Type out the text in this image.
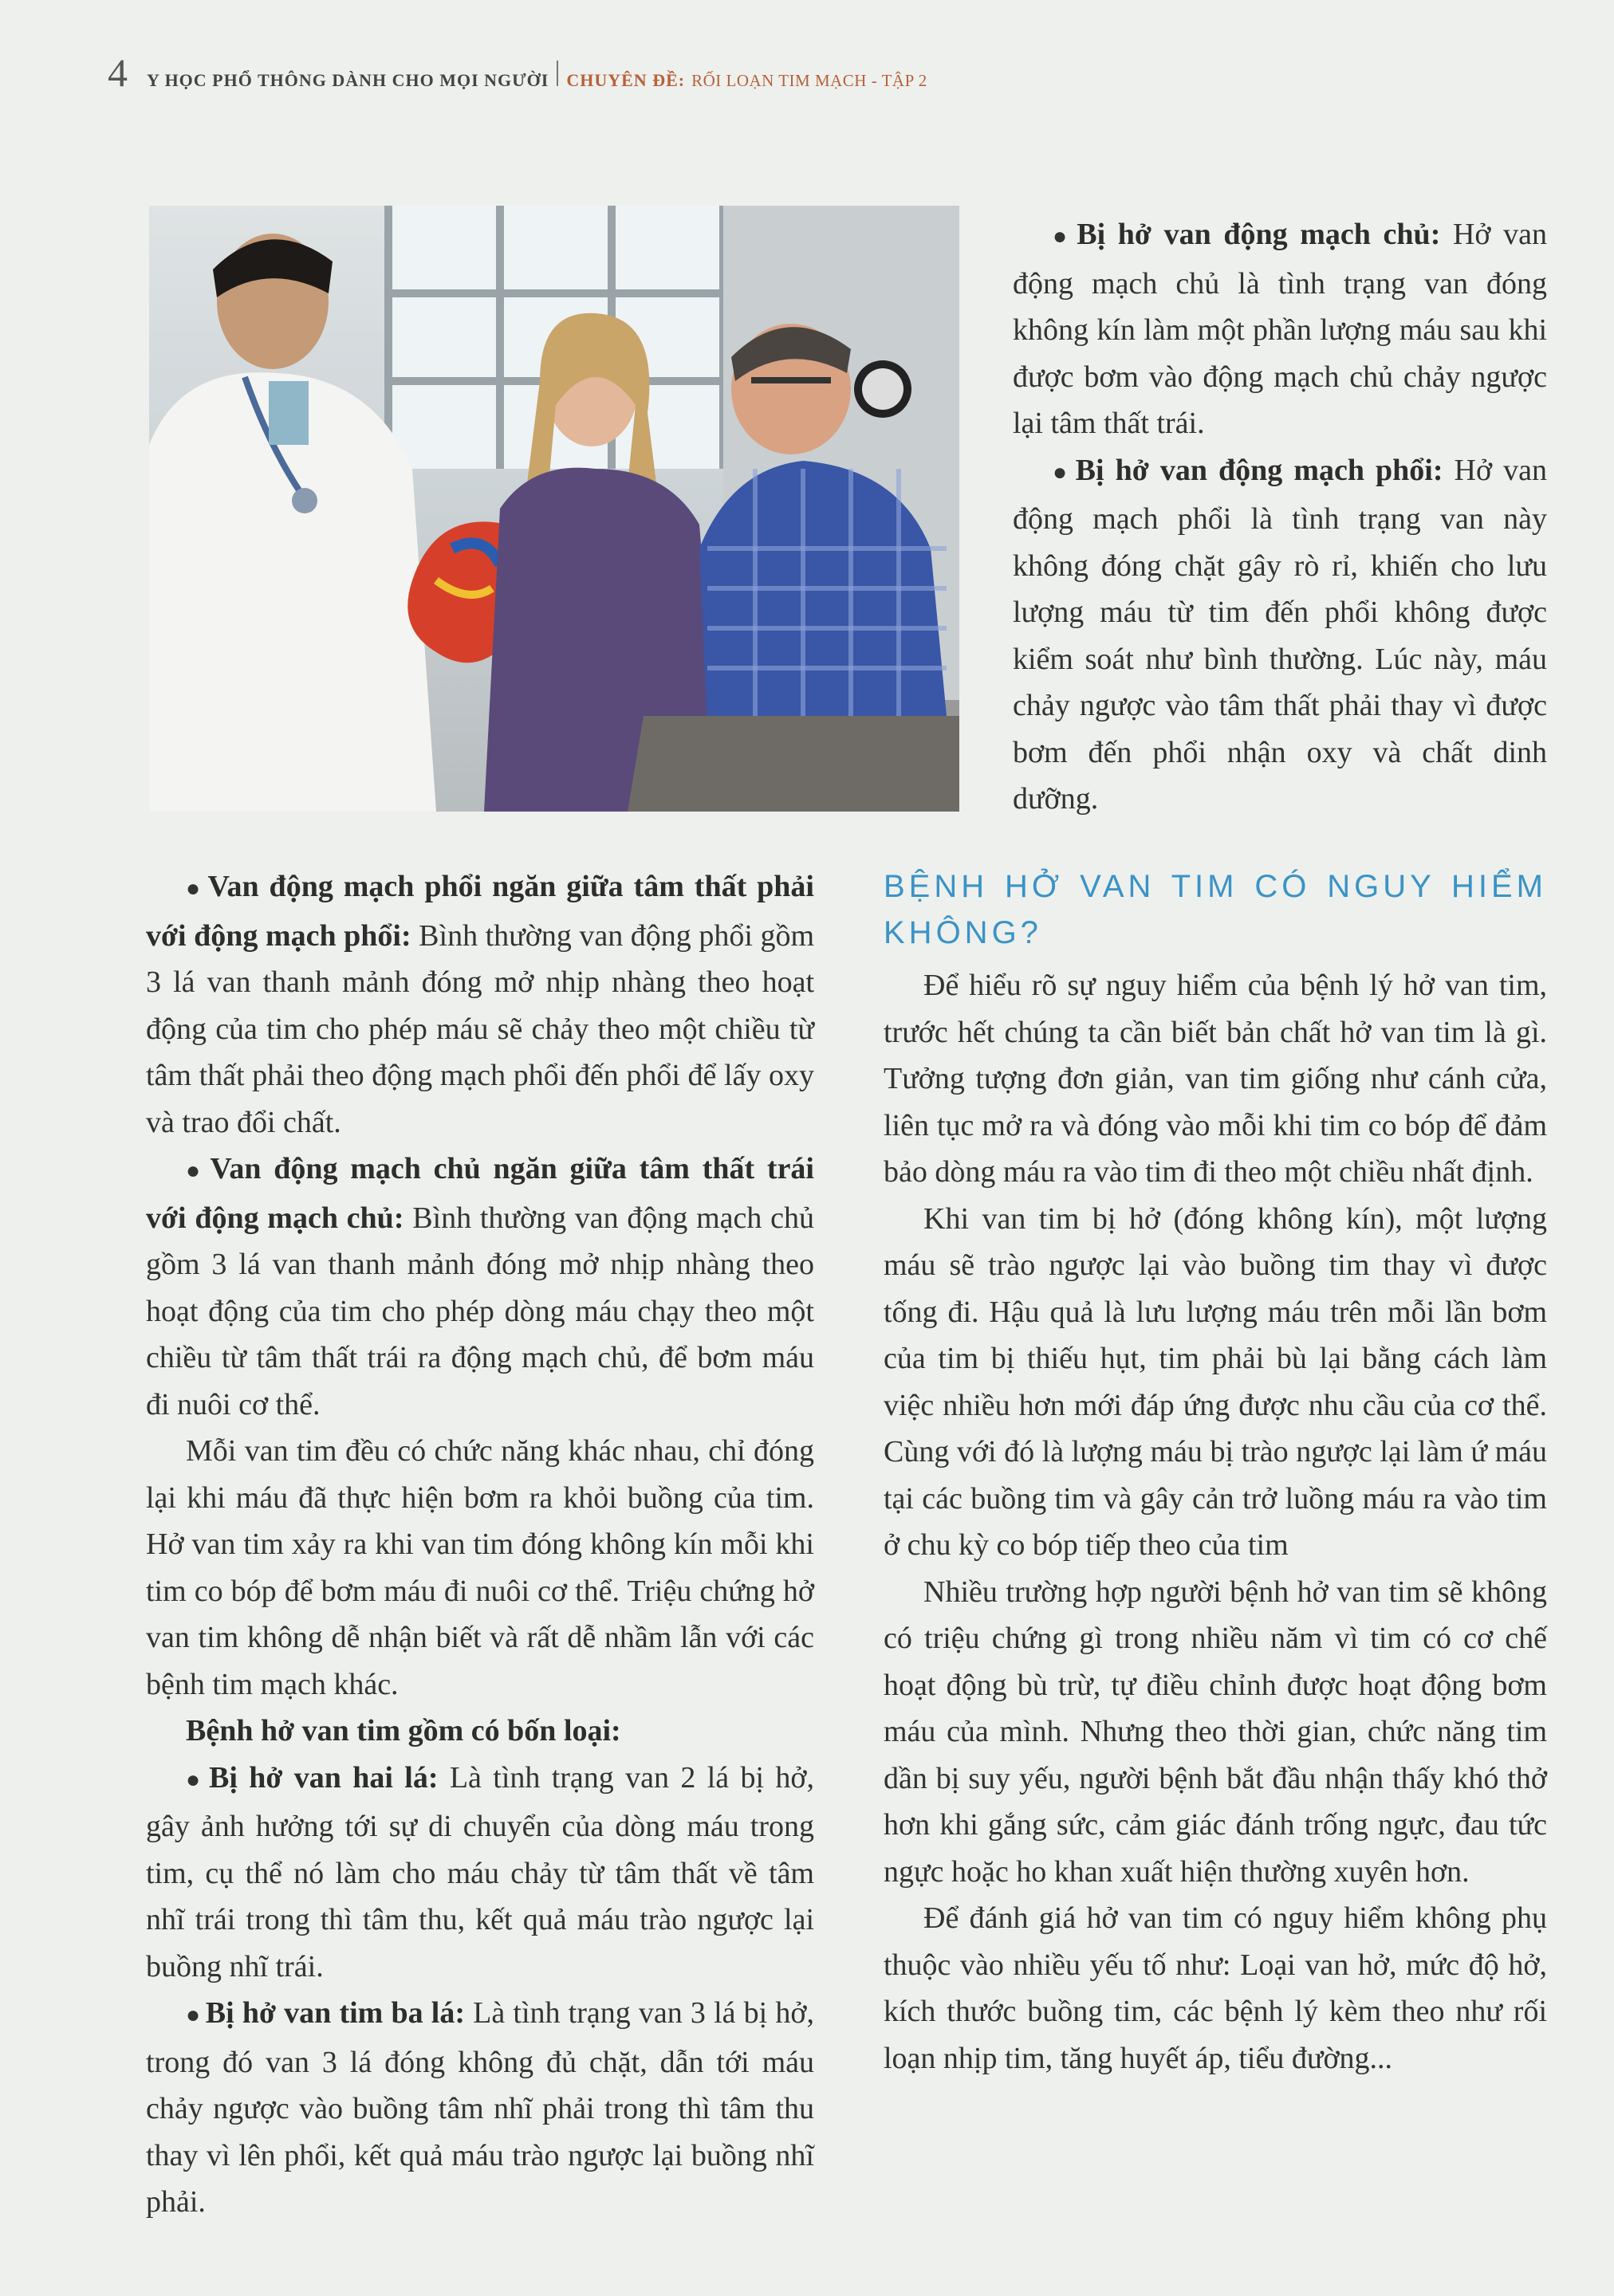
4 Y HỌC PHỔ THÔNG DÀNH CHO MỌI NGƯỜI CHUYÊN ĐỀ: RỐI LOẠN TIM MẠCH - TẬP 2

● Bị hở van động mạch chủ: Hở van động mạch chủ là tình trạng van đóng không kín làm một phần lượng máu sau khi được bơm vào động mạch chủ chảy ngược lại tâm thất trái.

● Bị hở van động mạch phổi: Hở van động mạch phổi là tình trạng van này không đóng chặt gây rò rỉ, khiến cho lưu lượng máu từ tim đến phổi không được kiểm soát như bình thường. Lúc này, máu chảy ngược vào tâm thất phải thay vì được bơm đến phổi nhận oxy và chất dinh dưỡng.

● Van động mạch phổi ngăn giữa tâm thất phải với động mạch phổi: Bình thường van động phổi gồm 3 lá van thanh mảnh đóng mở nhịp nhàng theo hoạt động của tim cho phép máu sẽ chảy theo một chiều từ tâm thất phải theo động mạch phổi đến phổi để lấy oxy và trao đổi chất.

● Van động mạch chủ ngăn giữa tâm thất trái với động mạch chủ: Bình thường van động mạch chủ gồm 3 lá van thanh mảnh đóng mở nhịp nhàng theo hoạt động của tim cho phép dòng máu chạy theo một chiều từ tâm thất trái ra động mạch chủ, để bơm máu đi nuôi cơ thể.

Mỗi van tim đều có chức năng khác nhau, chỉ đóng lại khi máu đã thực hiện bơm ra khỏi buồng của tim. Hở van tim xảy ra khi van tim đóng không kín mỗi khi tim co bóp để bơm máu đi nuôi cơ thể. Triệu chứng hở van tim không dễ nhận biết và rất dễ nhầm lẫn với các bệnh tim mạch khác.

Bệnh hở van tim gồm có bốn loại:

● Bị hở van hai lá: Là tình trạng van 2 lá bị hở, gây ảnh hưởng tới sự di chuyển của dòng máu trong tim, cụ thể nó làm cho máu chảy từ tâm thất về tâm nhĩ trái trong thì tâm thu, kết quả máu trào ngược lại buồng nhĩ trái.

● Bị hở van tim ba lá: Là tình trạng van 3 lá bị hở, trong đó van 3 lá đóng không đủ chặt, dẫn tới máu chảy ngược vào buồng tâm nhĩ phải trong thì tâm thu thay vì lên phổi, kết quả máu trào ngược lại buồng nhĩ phải.

BỆNH HỞ VAN TIM CÓ NGUY HIỂM KHÔNG?

Để hiểu rõ sự nguy hiểm của bệnh lý hở van tim, trước hết chúng ta cần biết bản chất hở van tim là gì. Tưởng tượng đơn giản, van tim giống như cánh cửa, liên tục mở ra và đóng vào mỗi khi tim co bóp để đảm bảo dòng máu ra vào tim đi theo một chiều nhất định.

Khi van tim bị hở (đóng không kín), một lượng máu sẽ trào ngược lại vào buồng tim thay vì được tống đi. Hậu quả là lưu lượng máu trên mỗi lần bơm của tim bị thiếu hụt, tim phải bù lại bằng cách làm việc nhiều hơn mới đáp ứng được nhu cầu của cơ thể. Cùng với đó là lượng máu bị trào ngược lại làm ứ máu tại các buồng tim và gây cản trở luồng máu ra vào tim ở chu kỳ co bóp tiếp theo của tim

Nhiều trường hợp người bệnh hở van tim sẽ không có triệu chứng gì trong nhiều năm vì tim có cơ chế hoạt động bù trừ, tự điều chỉnh được hoạt động bơm máu của mình. Nhưng theo thời gian, chức năng tim dần bị suy yếu, người bệnh bắt đầu nhận thấy khó thở hơn khi gắng sức, cảm giác đánh trống ngực, đau tức ngực hoặc ho khan xuất hiện thường xuyên hơn.

Để đánh giá hở van tim có nguy hiểm không phụ thuộc vào nhiều yếu tố như: Loại van hở, mức độ hở, kích thước buồng tim, các bệnh lý kèm theo như rối loạn nhịp tim, tăng huyết áp, tiểu đường...
